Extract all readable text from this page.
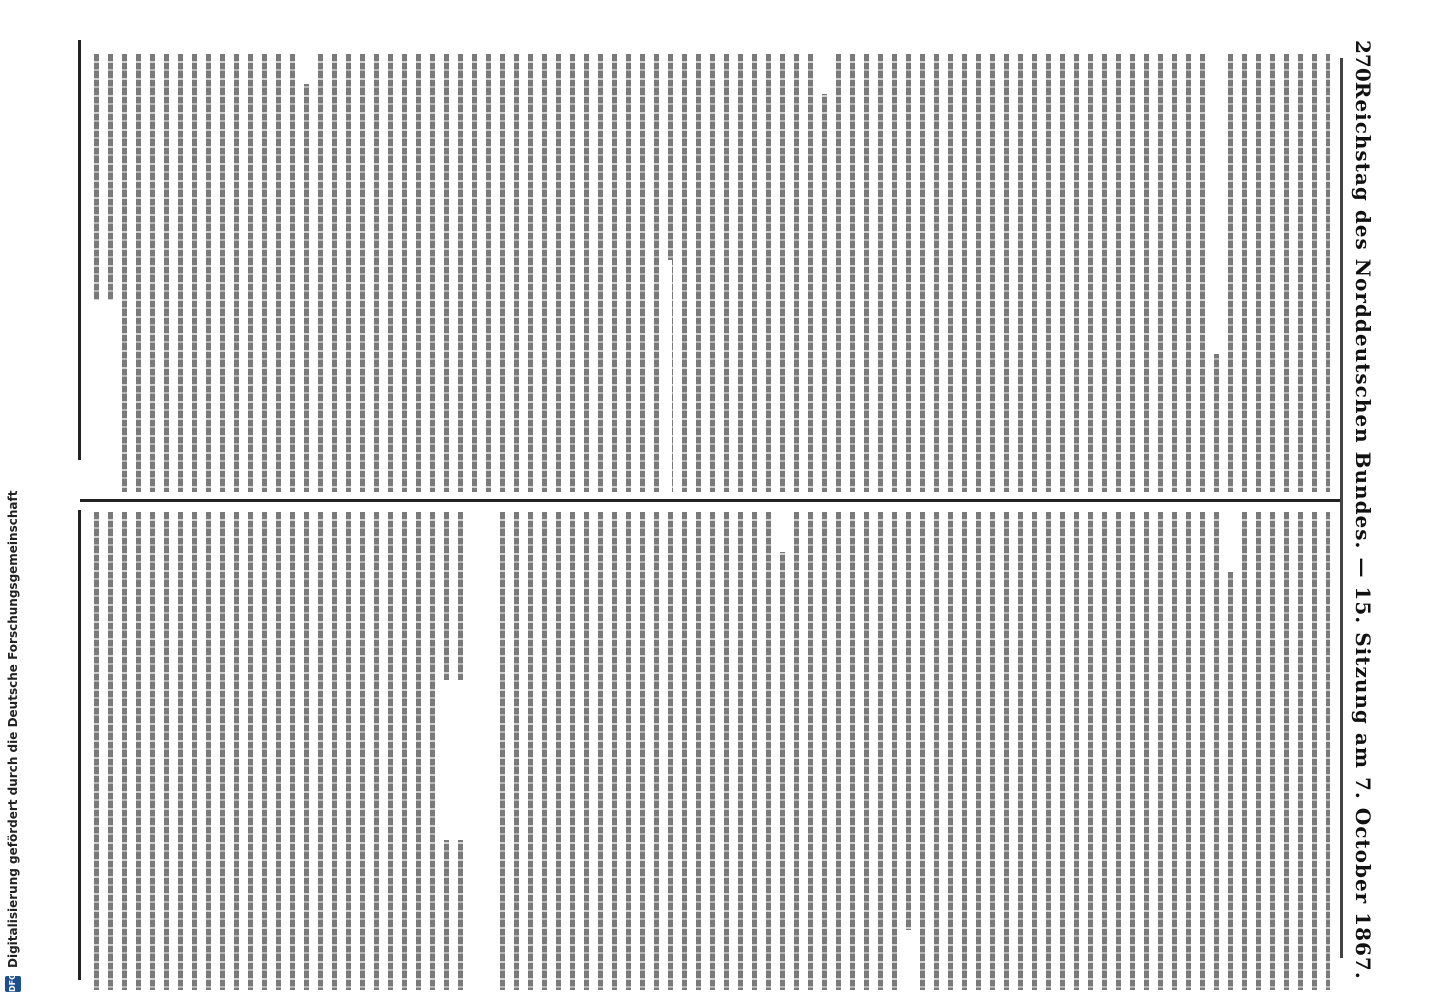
270
Reichstag des Norddeutschen Bundes. — 15. Sitzung am 7. October 1867.
DFG
Digitalisierung gefördert durch die Deutsche Forschungsgemeinschaft
